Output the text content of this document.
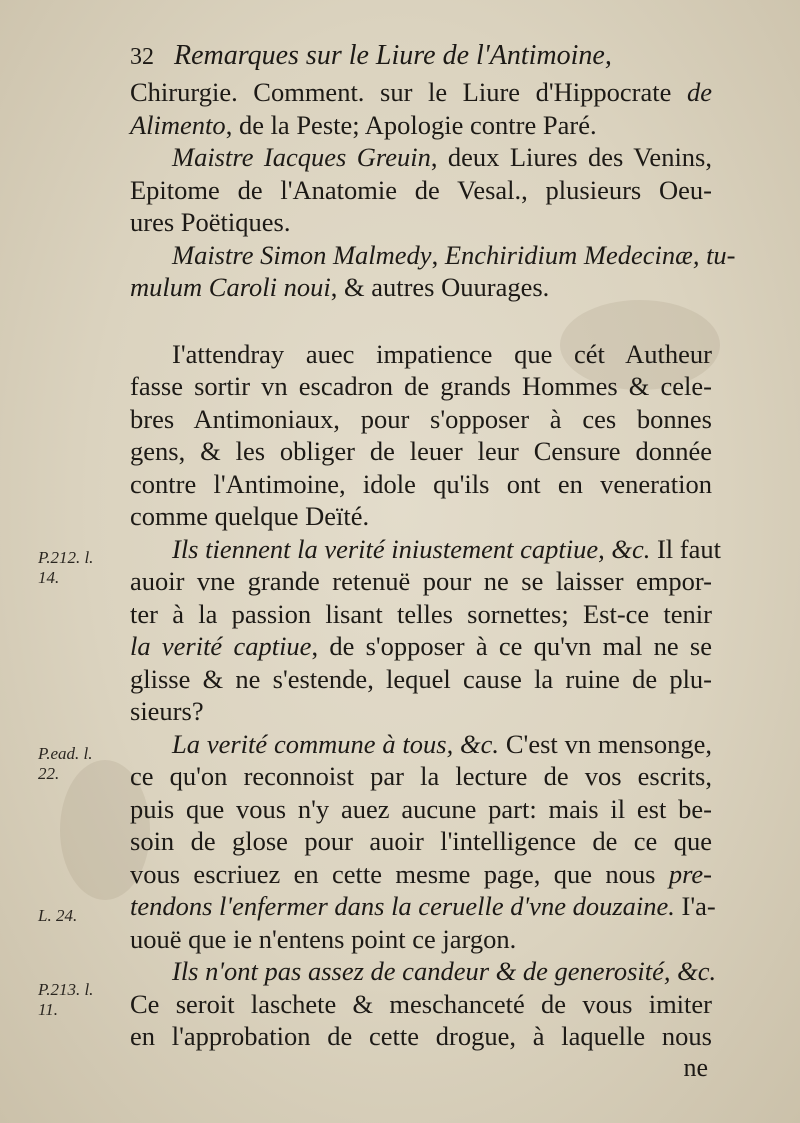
32 Remarques sur le Liure de l'Antimoine,
Chirurgie. Comment. sur le Liure d'Hippocrate de
Alimento, de la Peste; Apologie contre Paré.
Maistre Iacques Greuin, deux Liures des Venins,
Epitome de l'Anatomie de Vesal., plusieurs Oeu-
ures Poëtiques.
Maistre Simon Malmedy, Enchiridium Medecinæ, tu-
mulum Caroli noui, & autres Ouurages.
I'attendray auec impatience que cét Autheur
fasse sortir vn escadron de grands Hommes & cele-
bres Antimoniaux, pour s'opposer à ces bonnes
gens, & les obliger de leuer leur Censure donnée
contre l'Antimoine, idole qu'ils ont en veneration
comme quelque Deïté.
Ils tiennent la verité iniustement captiue, &c. Il faut
auoir vne grande retenuë pour ne se laisser empor-
ter à la passion lisant telles sornettes; Est-ce tenir
la verité captiue, de s'opposer à ce qu'vn mal ne se
glisse & ne s'estende, lequel cause la ruine de plu-
sieurs?
La verité commune à tous, &c. C'est vn mensonge,
ce qu'on reconnoist par la lecture de vos escrits,
puis que vous n'y auez aucune part: mais il est be-
soin de glose pour auoir l'intelligence de ce que
vous escriuez en cette mesme page, que nous pre-
tendons l'enfermer dans la ceruelle d'vne douzaine. I'a-
uouë que ie n'entens point ce jargon.
Ils n'ont pas assez de candeur & de generosité, &c.
Ce seroit laschete & meschanceté de vous imiter
en l'approbation de cette drogue, à laquelle nous
ne
P.212. l.
14.
P.ead. l.
22.
L. 24.
P.213. l.
11.
